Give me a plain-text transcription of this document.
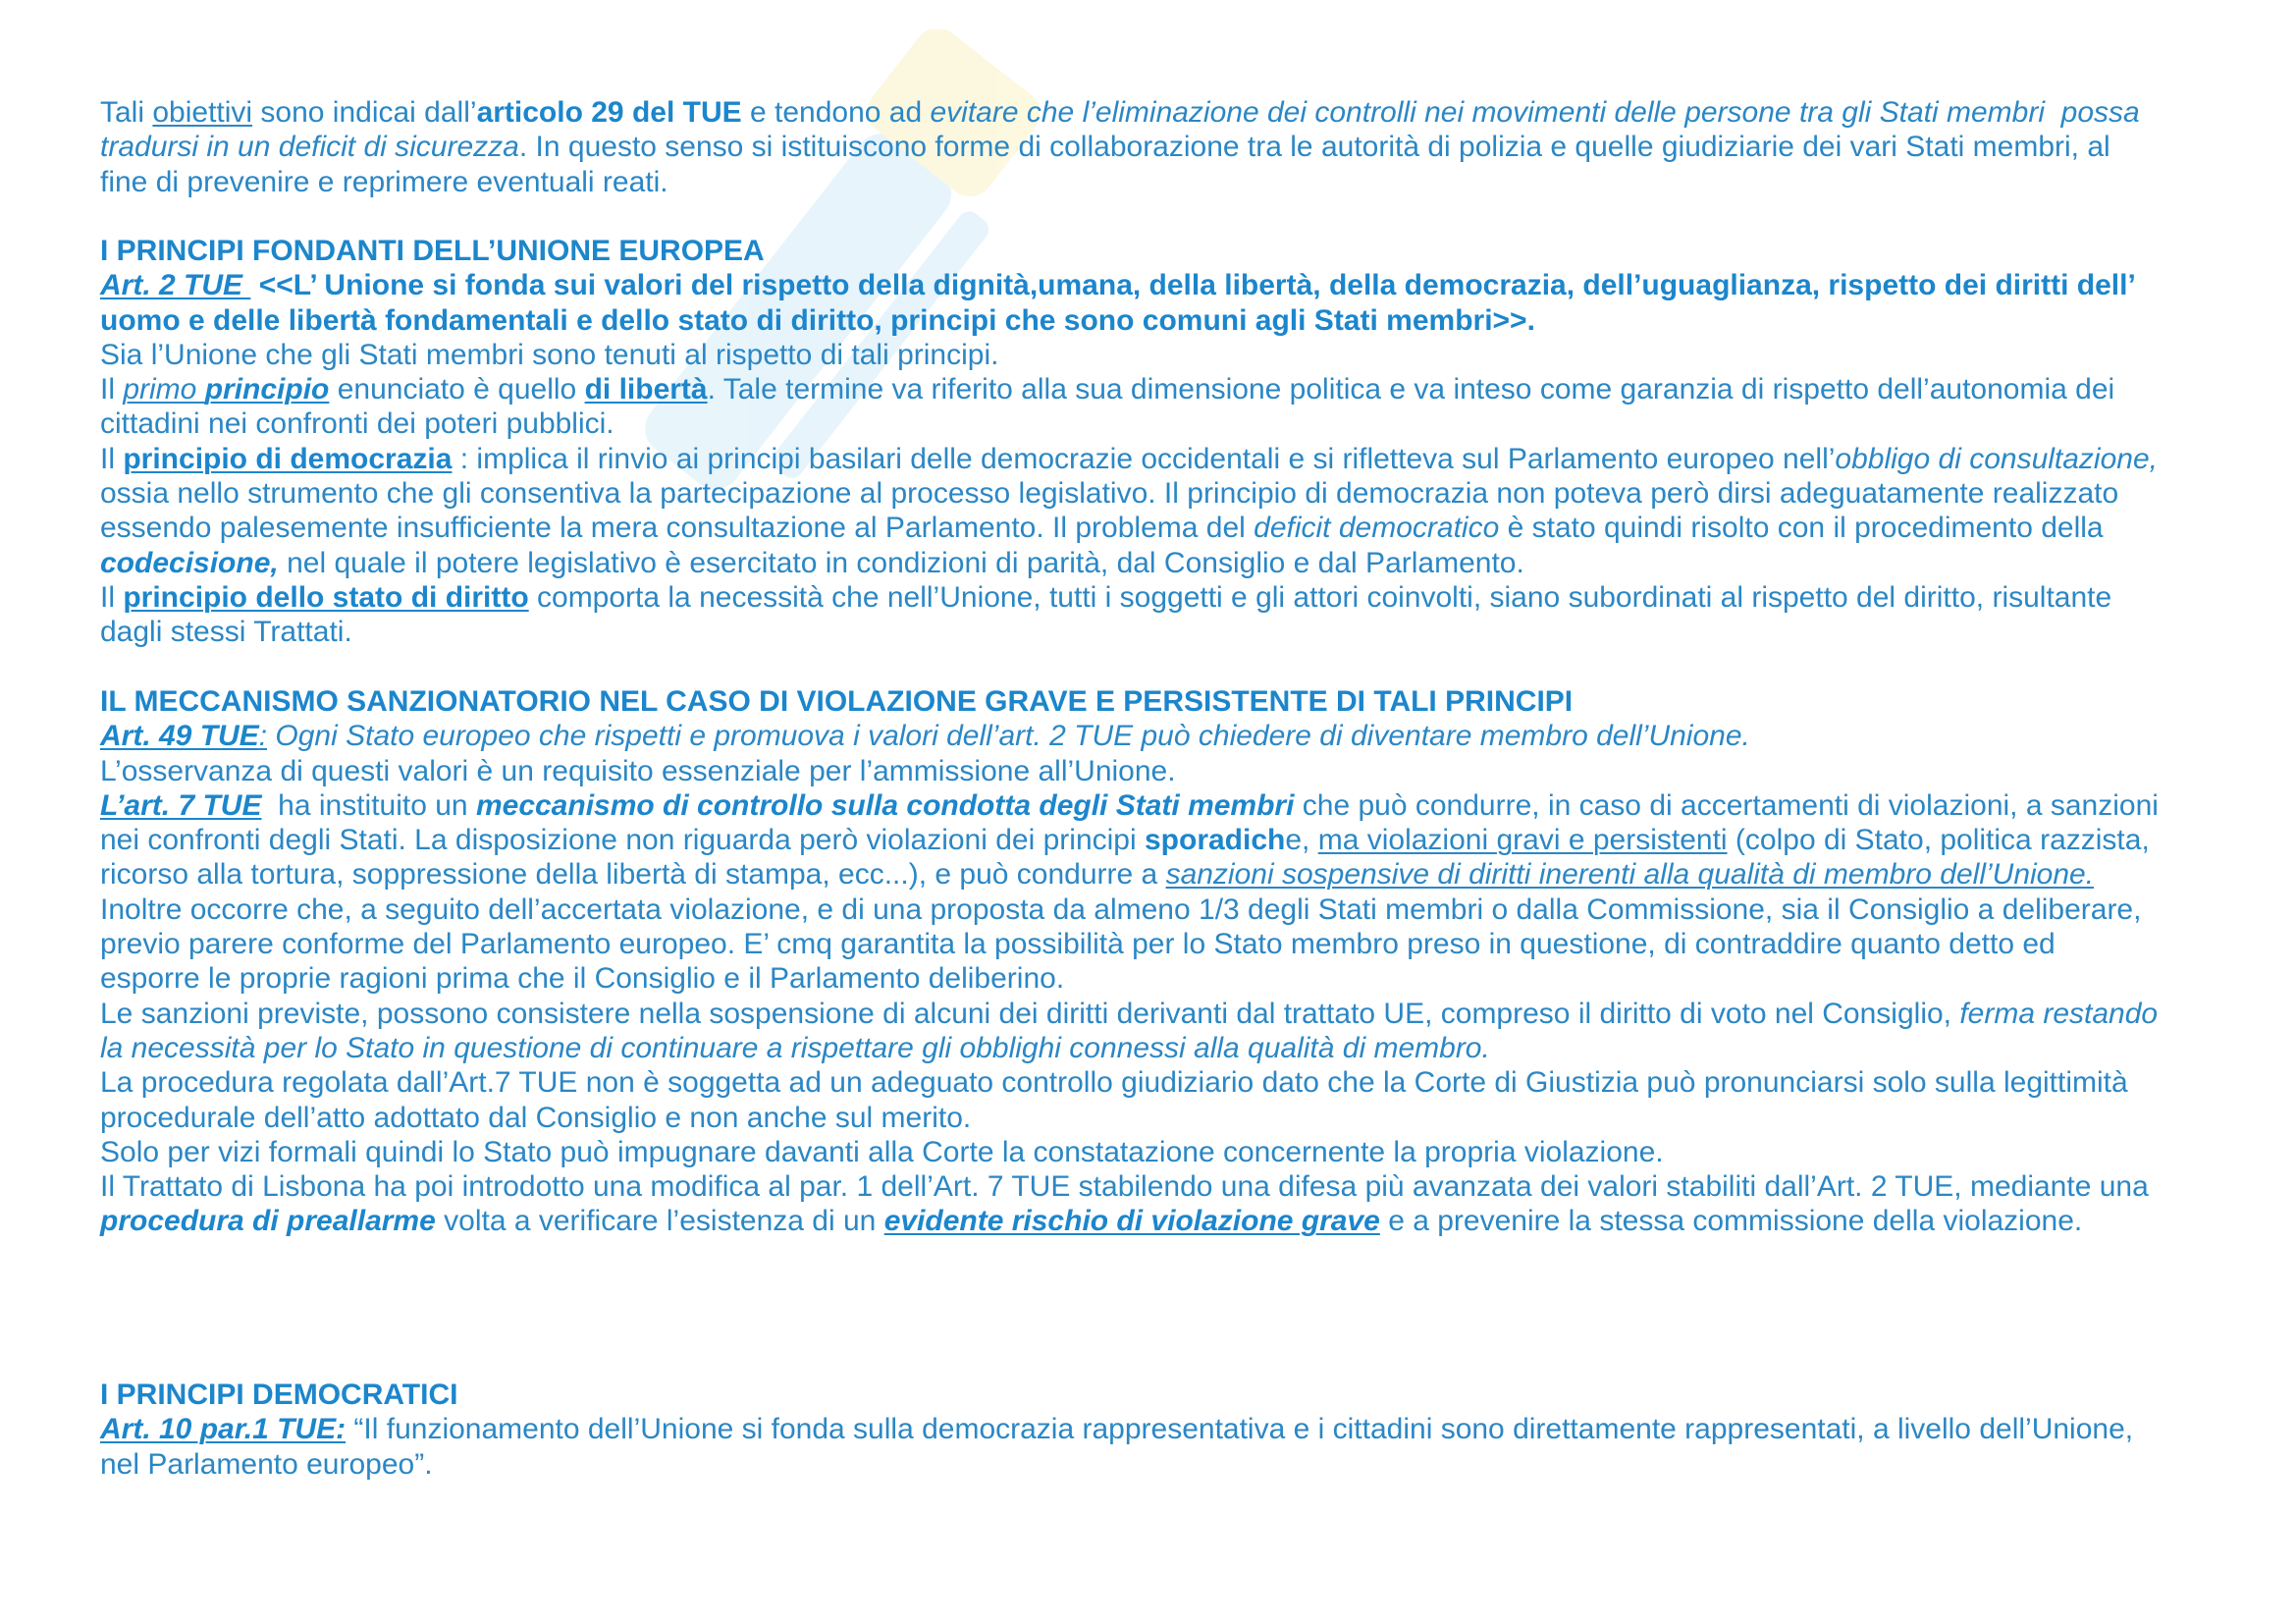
Tali obiettivi sono indicai dall’articolo 29 del TUE e tendono ad evitare che l’eliminazione dei controlli nei movimenti delle persone tra gli Stati membri  possa
tradursi in un deficit di sicurezza. In questo senso si istituiscono forme di collaborazione tra le autorità di polizia e quelle giudiziarie dei vari Stati membri, al
fine di prevenire e reprimere eventuali reati.
I PRINCIPI FONDANTI DELL’UNIONE EUROPEA
Art. 2 TUE  <<L’ Unione si fonda sui valori del rispetto della dignità,umana, della libertà, della democrazia, dell’uguaglianza, rispetto dei diritti dell’
uomo e delle libertà fondamentali e dello stato di diritto, principi che sono comuni agli Stati membri>>.
Sia l’Unione che gli Stati membri sono tenuti al rispetto di tali principi.
Il primo principio enunciato è quello di libertà. Tale termine va riferito alla sua dimensione politica e va inteso come garanzia di rispetto dell’autonomia dei
cittadini nei confronti dei poteri pubblici.
Il principio di democrazia : implica il rinvio ai principi basilari delle democrazie occidentali e si rifletteva sul Parlamento europeo nell’obbligo di consultazione,
ossia nello strumento che gli consentiva la partecipazione al processo legislativo. Il principio di democrazia non poteva però dirsi adeguatamente realizzato
essendo palesemente insufficiente la mera consultazione al Parlamento. Il problema del deficit democratico è stato quindi risolto con il procedimento della
codecisione, nel quale il potere legislativo è esercitato in condizioni di parità, dal Consiglio e dal Parlamento.
Il principio dello stato di diritto comporta la necessità che nell’Unione, tutti i soggetti e gli attori coinvolti, siano subordinati al rispetto del diritto, risultante
dagli stessi Trattati.
IL MECCANISMO SANZIONATORIO NEL CASO DI VIOLAZIONE GRAVE E PERSISTENTE DI TALI PRINCIPI
Art. 49 TUE: Ogni Stato europeo che rispetti e promuova i valori dell’art. 2 TUE può chiedere di diventare membro dell’Unione.
L’osservanza di questi valori è un requisito essenziale per l’ammissione all’Unione.
L’art. 7 TUE  ha instituito un meccanismo di controllo sulla condotta degli Stati membri che può condurre, in caso di accertamenti di violazioni, a sanzioni
nei confronti degli Stati. La disposizione non riguarda però violazioni dei principi sporadiche, ma violazioni gravi e persistenti (colpo di Stato, politica razzista,
ricorso alla tortura, soppressione della libertà di stampa, ecc...), e può condurre a sanzioni sospensive di diritti inerenti alla qualità di membro dell’Unione.
Inoltre occorre che, a seguito dell’accertata violazione, e di una proposta da almeno 1/3 degli Stati membri o dalla Commissione, sia il Consiglio a deliberare,
previo parere conforme del Parlamento europeo. E’ cmq garantita la possibilità per lo Stato membro preso in questione, di contraddire quanto detto ed
esporre le proprie ragioni prima che il Consiglio e il Parlamento deliberino.
Le sanzioni previste, possono consistere nella sospensione di alcuni dei diritti derivanti dal trattato UE, compreso il diritto di voto nel Consiglio, ferma restando
la necessità per lo Stato in questione di continuare a rispettare gli obblighi connessi alla qualità di membro.
La procedura regolata dall’Art.7 TUE non è soggetta ad un adeguato controllo giudiziario dato che la Corte di Giustizia può pronunciarsi solo sulla legittimità
procedurale dell’atto adottato dal Consiglio e non anche sul merito.
Solo per vizi formali quindi lo Stato può impugnare davanti alla Corte la constatazione concernente la propria violazione.
Il Trattato di Lisbona ha poi introdotto una modifica al par. 1 dell’Art. 7 TUE stabilendo una difesa più avanzata dei valori stabiliti dall’Art. 2 TUE, mediante una
procedura di preallarme volta a verificare l’esistenza di un evidente rischio di violazione grave e a prevenire la stessa commissione della violazione.
I PRINCIPI DEMOCRATICI
Art. 10 par.1 TUE: “Il funzionamento dell’Unione si fonda sulla democrazia rappresentativa e i cittadini sono direttamente rappresentati, a livello dell’Unione,
nel Parlamento europeo”.
